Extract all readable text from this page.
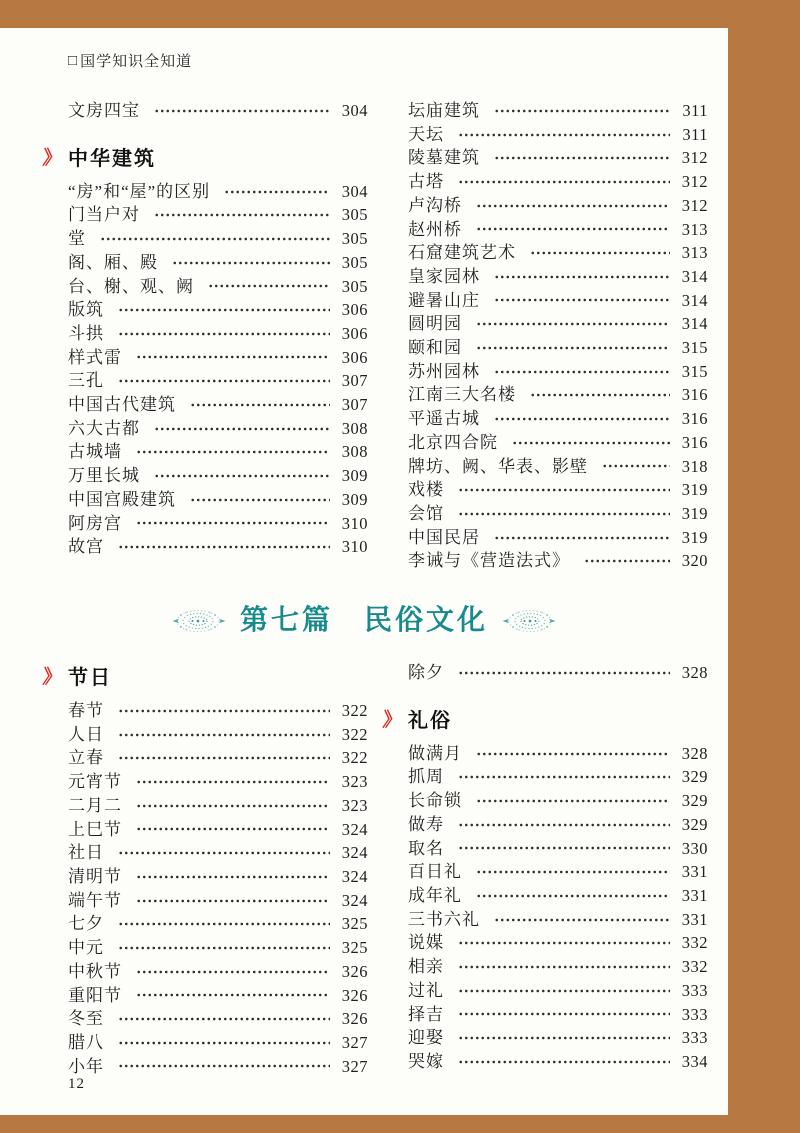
□ 国学知识全知道
文房四宝	304
》 中华建筑
“房”和“屋”的区别	304
门当户对	305
堂	305
阁、厢、殿	305
台、榭、观、阙	305
版筑	306
斗拱	306
样式雷	306
三孔	307
中国古代建筑	307
六大古都	308
古城墙	308
万里长城	309
中国宫殿建筑	309
阿房宫	310
故宫	310
坛庙建筑	311
天坛	311
陵墓建筑	312
古塔	312
卢沟桥	312
赵州桥	313
石窟建筑艺术	313
皇家园林	314
避暑山庄	314
圆明园	314
颐和园	315
苏州园林	315
江南三大名楼	316
平遥古城	316
北京四合院	316
牌坊、阙、华表、影壁	318
戏楼	319
会馆	319
中国民居	319
李诫与《营造法式》	320
第七篇　民俗文化
》 节日
春节	322
人日	322
立春	322
元宵节	323
二月二	323
上巳节	324
社日	324
清明节	324
端午节	324
七夕	325
中元	325
中秋节	326
重阳节	326
冬至	326
腊八	327
小年	327
除夕	328
》 礼俗
做满月	328
抓周	329
长命锁	329
做寿	329
取名	330
百日礼	331
成年礼	331
三书六礼	331
说媒	332
相亲	332
过礼	333
择吉	333
迎娶	333
哭嫁	334
12
